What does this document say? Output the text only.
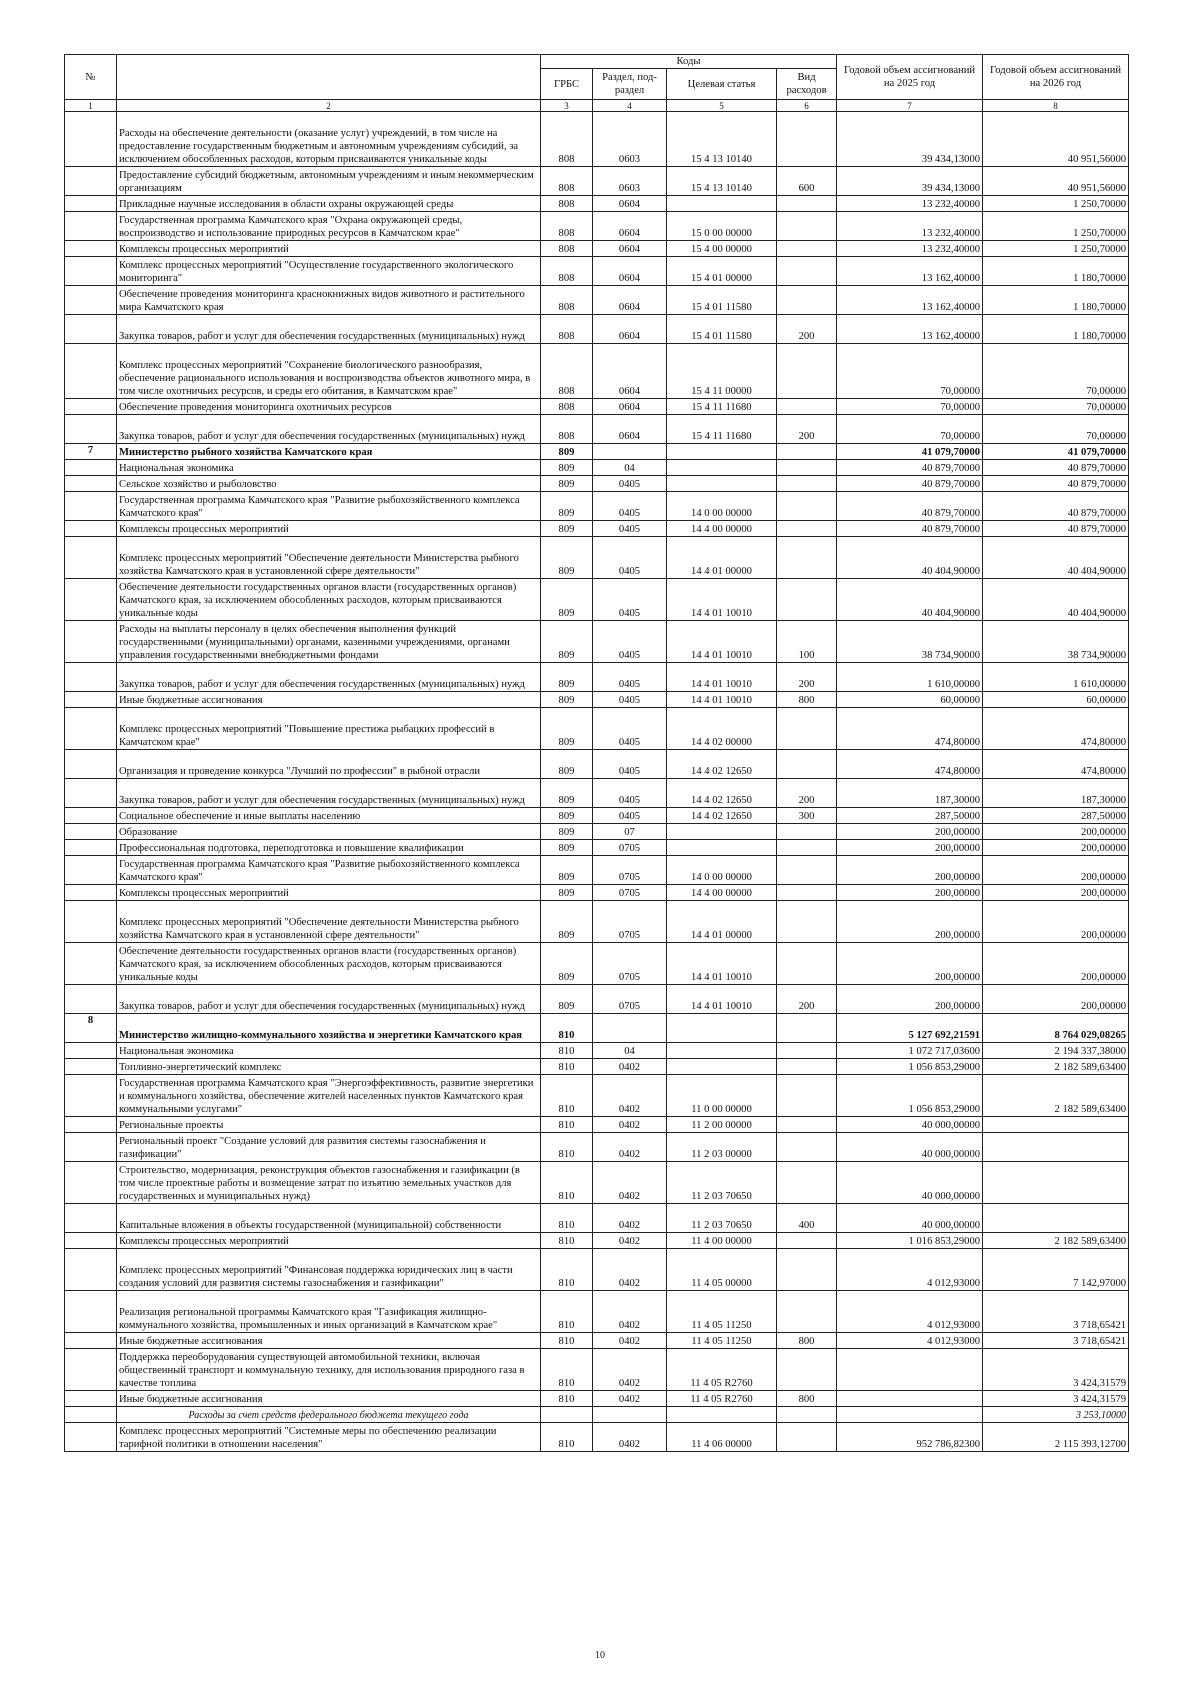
№		Коды				Годовой объем ассигнований на 2025 год	Годовой объем ассигнований на 2026 год
		ГРБС	Раздел, под-раздел	Целевая статья	Вид расходов		
1	2	3	4	5	6	7	8
	Расходы на обеспечение деятельности (оказание услуг) учреждений, в том числе на предоставление государственным бюджетным и автономным учреждениям субсидий, за исключением обособленных расходов, которым присваиваются уникальные коды	808	0603	15 4 13 10140		39 434,13000	40 951,56000
	Предоставление субсидий бюджетным, автономным учреждениям и иным некоммерческим организациям	808	0603	15 4 13 10140	600	39 434,13000	40 951,56000
	Прикладные научные исследования в области охраны окружающей среды	808	0604			13 232,40000	1 250,70000
	Государственная программа Камчатского края "Охрана окружающей среды, воспроизводство и использование природных ресурсов в Камчатском крае"	808	0604	15 0 00 00000		13 232,40000	1 250,70000
	Комплексы процессных мероприятий	808	0604	15 4 00 00000		13 232,40000	1 250,70000
	Комплекс процессных мероприятий "Осуществление государственного экологического мониторинга"	808	0604	15 4 01 00000		13 162,40000	1 180,70000
	Обеспечение проведения мониторинга краснокнижных видов животного и растительного мира Камчатского края	808	0604	15 4 01 11580		13 162,40000	1 180,70000
	Закупка товаров, работ и услуг для обеспечения государственных (муниципальных) нужд	808	0604	15 4 01 11580	200	13 162,40000	1 180,70000
	Комплекс процессных мероприятий "Сохранение биологического разнообразия, обеспечение рационального использования и воспроизводства объектов животного мира, в том числе охотничьих ресурсов, и среды его обитания, в Камчатском крае"	808	0604	15 4 11 00000		70,00000	70,00000
	Обеспечение проведения мониторинга охотничьих ресурсов	808	0604	15 4 11 11680		70,00000	70,00000
	Закупка товаров, работ и услуг для обеспечения государственных (муниципальных) нужд	808	0604	15 4 11 11680	200	70,00000	70,00000
7	Министерство рыбного хозяйства Камчатского края	809				41 079,70000	41 079,70000
	Национальная экономика	809	04			40 879,70000	40 879,70000
	Сельское хозяйство и рыболовство	809	0405			40 879,70000	40 879,70000
	Государственная программа Камчатского края "Развитие рыбохозяйственного комплекса Камчатского края"	809	0405	14 0 00 00000		40 879,70000	40 879,70000
	Комплексы процессных мероприятий	809	0405	14 4 00 00000		40 879,70000	40 879,70000
	Комплекс процессных мероприятий "Обеспечение деятельности Министерства рыбного хозяйства Камчатского края в установленной сфере деятельности"	809	0405	14 4 01 00000		40 404,90000	40 404,90000
	Обеспечение деятельности государственных органов власти (государственных органов) Камчатского края, за исключением обособленных расходов, которым присваиваются уникальные коды	809	0405	14 4 01 10010		40 404,90000	40 404,90000
	Расходы на выплаты персоналу в целях обеспечения выполнения функций государственными (муниципальными) органами, казенными учреждениями, органами управления государственными внебюджетными фондами	809	0405	14 4 01 10010	100	38 734,90000	38 734,90000
	Закупка товаров, работ и услуг для обеспечения государственных (муниципальных) нужд	809	0405	14 4 01 10010	200	1 610,00000	1 610,00000
	Иные бюджетные ассигнования	809	0405	14 4 01 10010	800	60,00000	60,00000
	Комплекс процессных мероприятий "Повышение престижа рыбацких профессий в Камчатском крае"	809	0405	14 4 02 00000		474,80000	474,80000
	Организация и проведение конкурса "Лучший по профессии" в рыбной отрасли	809	0405	14 4 02 12650		474,80000	474,80000
	Закупка товаров, работ и услуг для обеспечения государственных (муниципальных) нужд	809	0405	14 4 02 12650	200	187,30000	187,30000
	Социальное обеспечение и иные выплаты населению	809	0405	14 4 02 12650	300	287,50000	287,50000
	Образование	809	07			200,00000	200,00000
	Профессиональная подготовка, переподготовка и повышение квалификации	809	0705			200,00000	200,00000
	Государственная программа Камчатского края "Развитие рыбохозяйственного комплекса Камчатского края"	809	0705	14 0 00 00000		200,00000	200,00000
	Комплексы процессных мероприятий	809	0705	14 4 00 00000		200,00000	200,00000
	Комплекс процессных мероприятий "Обеспечение деятельности Министерства рыбного хозяйства Камчатского края в установленной сфере деятельности"	809	0705	14 4 01 00000		200,00000	200,00000
	Обеспечение деятельности государственных органов власти (государственных органов) Камчатского края, за исключением обособленных расходов, которым присваиваются уникальные коды	809	0705	14 4 01 10010		200,00000	200,00000
	Закупка товаров, работ и услуг для обеспечения государственных (муниципальных) нужд	809	0705	14 4 01 10010	200	200,00000	200,00000
8	Министерство жилищно-коммунального хозяйства и энергетики Камчатского края	810				5 127 692,21591	8 764 029,08265
	Национальная экономика	810	04			1 072 717,03600	2 194 337,38000
	Топливно-энергетический комплекс	810	0402			1 056 853,29000	2 182 589,63400
	Государственная программа Камчатского края "Энергоэффективность, развитие энергетики и коммунального хозяйства, обеспечение жителей населенных пунктов Камчатского края коммунальными услугами"	810	0402	11 0 00 00000		1 056 853,29000	2 182 589,63400
	Региональные проекты	810	0402	11 2 00 00000		40 000,00000	
	Региональный проект "Создание условий для развития системы газоснабжения и газификации"	810	0402	11 2 03 00000		40 000,00000	
	Строительство, модернизация, реконструкция объектов газоснабжения и газификации (в том числе проектные работы и возмещение затрат по изъятию земельных участков для государственных и муниципальных нужд)	810	0402	11 2 03 70650		40 000,00000	
	Капитальные вложения в объекты государственной (муниципальной) собственности	810	0402	11 2 03 70650	400	40 000,00000	
	Комплексы процессных мероприятий	810	0402	11 4 00 00000		1 016 853,29000	2 182 589,63400
	Комплекс процессных мероприятий "Финансовая поддержка юридических лиц в части создания условий для развития системы газоснабжения и газификации"	810	0402	11 4 05 00000		4 012,93000	7 142,97000
	Реализация региональной программы Камчатского края "Газификация жилищно-коммунального хозяйства, промышленных и иных организаций в Камчатском крае"	810	0402	11 4 05 11250		4 012,93000	3 718,65421
	Иные бюджетные ассигнования	810	0402	11 4 05 11250	800	4 012,93000	3 718,65421
	Поддержка переоборудования существующей автомобильной техники, включая общественный транспорт и коммунальную технику, для использования природного газа в качестве топлива	810	0402	11 4 05 R2760			3 424,31579
	Иные бюджетные ассигнования	810	0402	11 4 05 R2760	800		3 424,31579
	Расходы за счет средств федерального бюджета текущего года						3 253,10000
	Комплекс процессных мероприятий "Системные меры по обеспечению реализации тарифной политики в отношении населения"	810	0402	11 4 06 00000		952 786,82300	2 115 393,12700
10
